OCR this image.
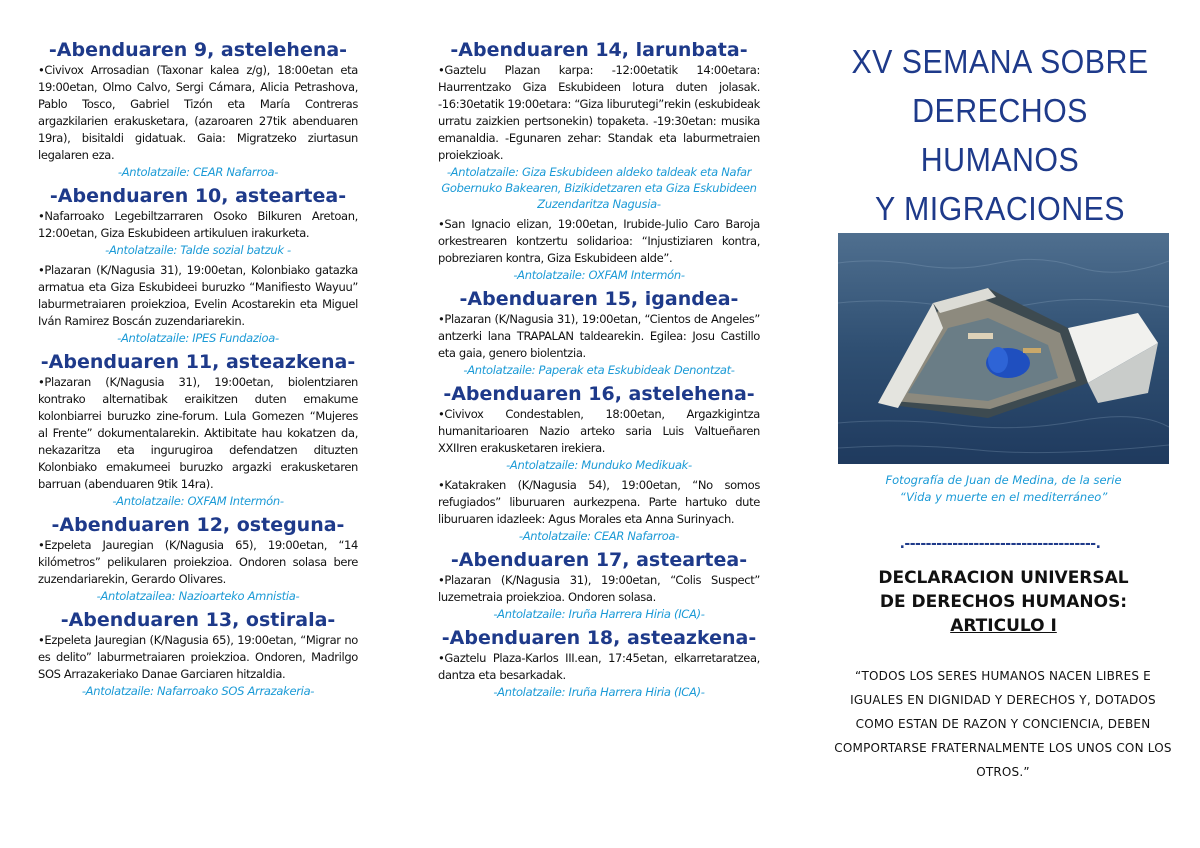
-Abenduaren 9, astelehena-

•Civivox Arrosadian (Taxonar kalea z/g), 18:00etan eta 19:00etan, Olmo Calvo, Sergi Cámara, Alicia Petrashova, Pablo Tosco, Gabriel Tizón eta María Contreras argazkilarien erakusketara, (azaroaren 27tik abenduaren 19ra), bisitaldi gidatuak. Gaia: Migratzeko ziurtasun legalaren eza.

-Antolatzaile: CEAR Nafarroa-

-Abenduaren 10, asteartea-

•Nafarroako Legebiltzarraren Osoko Bilkuren Aretoan, 12:00etan, Giza Eskubideen artikuluen irakurketa.

-Antolatzaile: Talde sozial batzuk -

•Plazaran (K/Nagusia 31), 19:00etan, Kolonbiako gatazka armatua eta Giza Eskubideei buruzko “Manifiesto Wayuu” laburmetraiaren proiekzioa, Evelin Acostarekin eta Miguel Iván Ramirez Boscán zuzendariarekin.

-Antolatzaile: IPES Fundazioa-

-Abenduaren 11, asteazkena-

•Plazaran (K/Nagusia 31), 19:00etan, biolentziaren kontrako alternatibak eraikitzen duten emakume kolonbiarrei buruzko zine-forum. Lula Gomezen “Mujeres al Frente” dokumentalarekin. Aktibitate hau kokatzen da, nekazaritza eta ingurugiroa defendatzen dituzten Kolonbiako emakumeei buruzko argazki erakusketaren barruan (abenduaren 9tik 14ra).

-Antolatzaile: OXFAM Intermón-

-Abenduaren 12, osteguna-

•Ezpeleta Jauregian (K/Nagusia 65), 19:00etan, “14 kilómetros” pelikularen proiekzioa. Ondoren solasa bere zuzendariarekin, Gerardo Olivares.

-Antolatzailea: Nazioarteko Amnistia-

-Abenduaren 13, ostirala-

•Ezpeleta Jauregian (K/Nagusia 65), 19:00etan, “Migrar no es delito” laburmetraiaren proiekzioa. Ondoren, Madrilgo SOS Arrazakeriako Danae Garciaren hitzaldia.

-Antolatzaile: Nafarroako SOS Arrazakeria-

-Abenduaren 14, larunbata-

•Gaztelu Plazan karpa: -12:00etatik 14:00etara: Haurrentzako Giza Eskubideen lotura duten jolasak. -16:30etatik 19:00etara: “Giza liburutegi”rekin (eskubideak urratu zaizkien pertsonekin) topaketa. -19:30etan: musika emanaldia. -Egunaren zehar: Standak eta laburmetraien proiekzioak.

-Antolatzaile: Giza Eskubideen aldeko taldeak eta Nafar Gobernuko Bakearen, Bizikidetzaren eta Giza Eskubideen Zuzendaritza Nagusia-

•San Ignacio elizan, 19:00etan, Irubide-Julio Caro Baroja orkestrearen kontzertu solidarioa: “Injustiziaren kontra, pobreziaren kontra, Giza Eskubideen alde”.

-Antolatzaile: OXFAM Intermón-

-Abenduaren 15, igandea-

•Plazaran (K/Nagusia 31), 19:00etan, “Cientos de Angeles” antzerki lana TRAPALAN taldearekin. Egilea: Josu Castillo eta gaia, genero biolentzia.

-Antolatzaile: Paperak eta Eskubideak Denontzat-

-Abenduaren 16, astelehena-

•Civivox Condestablen, 18:00etan, Argazkigintza humanitarioaren Nazio arteko saria Luis Valtueñaren XXIIren erakusketaren irekiera.

-Antolatzaile: Munduko Medikuak-

•Katakraken (K/Nagusia 54), 19:00etan, “No somos refugiados” liburuaren aurkezpena. Parte hartuko dute liburuaren idazleek: Agus Morales eta Anna Surinyach.

-Antolatzaile: CEAR Nafarroa-

-Abenduaren 17, asteartea-

•Plazaran (K/Nagusia 31), 19:00etan, “Colis Suspect” luzemetraia proiekzioa. Ondoren solasa.

-Antolatzaile: Iruña Harrera Hiria (ICA)-

-Abenduaren 18, asteazkena-

•Gaztelu Plaza-Karlos III.ean, 17:45etan, elkarretaratzea, dantza eta besarkadak.

-Antolatzaile: Iruña Harrera Hiria (ICA)-

XV SEMANA SOBRE

DERECHOS HUMANOS

Y MIGRACIONES

Fotografía de Juan de Medina, de la serie
“Vida y muerte en el mediterráneo”
.------------------------------------.
DECLARACION UNIVERSAL
DE DERECHOS HUMANOS:
ARTICULO I
“TODOS LOS SERES HUMANOS NACEN LIBRES E IGUALES EN DIGNIDAD Y DERECHOS Y, DOTADOS COMO ESTAN DE RAZON Y CONCIENCIA, DEBEN COMPORTARSE FRATERNALMENTE LOS UNOS CON LOS OTROS.”
